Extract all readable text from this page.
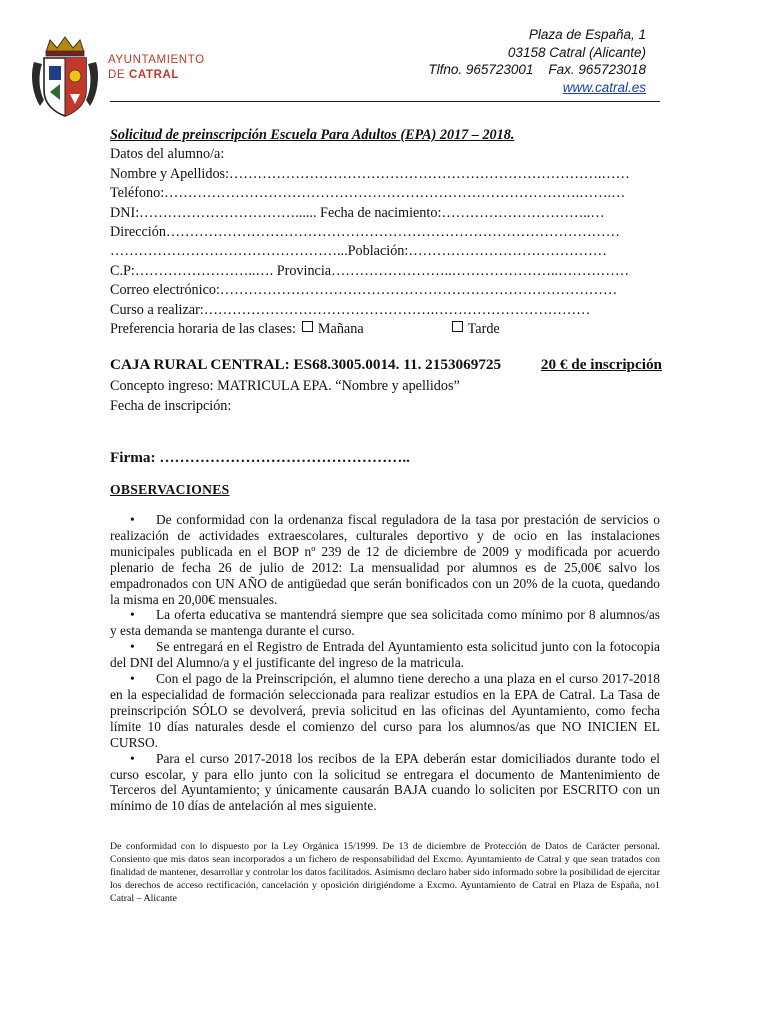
AYUNTAMIENTO
DE CATRAL
Plaza de España, 1
03158 Catral (Alicante)
Tlfno. 965723001    Fax. 965723018
www.catral.es
Solicitud de preinscripción Escuela Para Adultos (EPA) 2017 – 2018.
Datos del alumno/a:
Nombre y Apellidos:…………………………………………………………………….……
Teléfono:…………………………………………………………………………….…….…
DNI:……………………………...... Fecha de nacimiento:…………………………..…
Dirección……………………………………………………………………………………
…………………………………………...Población:……………………………………
C.P:……………………..…. Provincia……………………..…………………..……………
Correo electrónico:…………………………………………………………………………
Curso a realizar:………………………………………….……………………………
Preferencia horaria de las clases: Mañana	Tarde
CAJA RURAL CENTRAL: ES68.3005.0014. 11. 2153069725	20 € de inscripción
Concepto ingreso: MATRICULA EPA. “Nombre y apellidos”
Fecha de inscripción:
Firma: …………………………………………..
OBSERVACIONES

• De conformidad con la ordenanza fiscal reguladora de la tasa por prestación de servicios o realización de actividades extraescolares, culturales deportivo y de ocio en las instalaciones municipales publicada en el BOP nº 239 de 12 de diciembre de 2009 y modificada por acuerdo plenario de fecha 26 de julio de 2012: La mensualidad por alumnos es de 25,00€ salvo los empadronados con UN AÑO de antigüedad que serán bonificados con un 20% de la cuota, quedando la misma en 20,00€ mensuales.

• La oferta educativa se mantendrá siempre que sea solicitada como mínimo por 8 alumnos/as y esta demanda se mantenga durante el curso.

• Se entregará en el Registro de Entrada del Ayuntamiento esta solicitud junto con la fotocopia del DNI del Alumno/a y el justificante del ingreso de la matricula.

• Con el pago de la Preinscripción, el alumno tiene derecho a una plaza en el curso 2017-2018 en la especialidad de formación seleccionada para realizar estudios en la EPA de Catral. La Tasa de preinscripción SÓLO se devolverá, previa solicitud en las oficinas del Ayuntamiento, como fecha límite 10 días naturales desde el comienzo del curso para los alumnos/as que NO INICIEN EL CURSO.

• Para el curso 2017-2018 los recibos de la EPA deberán estar domiciliados durante todo el curso escolar, y para ello junto con la solicitud se entregara el documento de Mantenimiento de Terceros del Ayuntamiento; y únicamente causarán BAJA cuando lo soliciten por ESCRITO con un mínimo de 10 días de antelación al mes siguiente.

De conformidad con lo dispuesto por la Ley Orgánica 15/1999. De 13 de diciembre de Protección de Datos de Carácter personal. Consiento que mis datos sean incorporados a un fichero de responsabilidad del Excmo. Ayuntamiento de Catral y que sean tratados con finalidad de mantener, desarrollar y controlar los datos facilitados. Asimismo declaro haber sido informado sobre la posibilidad de ejercitar los derechos de acceso rectificación, cancelación y oposición dirigiéndome a Excmo. Ayuntamiento de Catral en Plaza de España, no1 Catral – Alicante
